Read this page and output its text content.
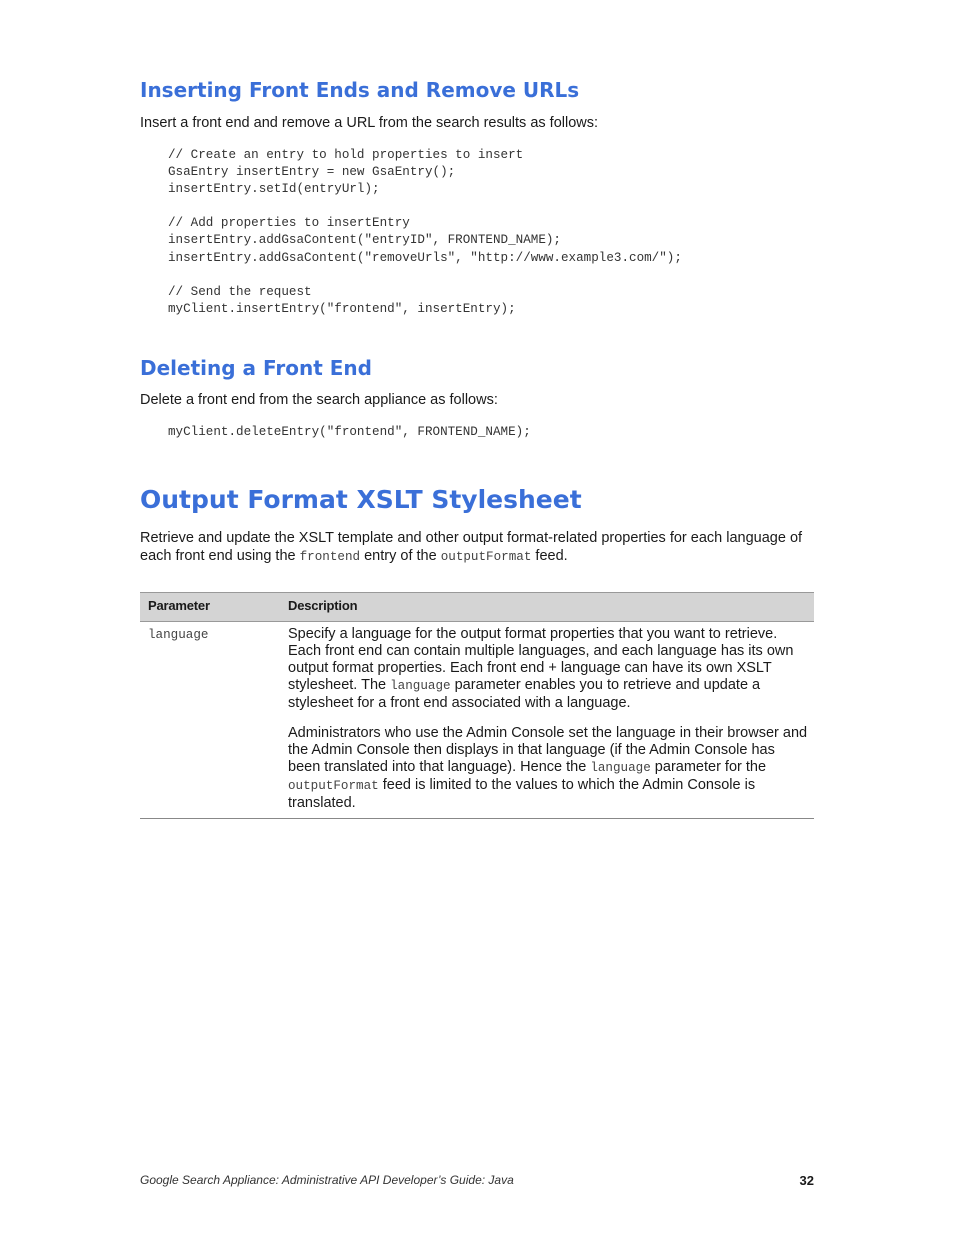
Inserting Front Ends and Remove URLs

Insert a front end and remove a URL from the search results as follows:

// Create an entry to hold properties to insert
GsaEntry insertEntry = new GsaEntry();
insertEntry.setId(entryUrl);

// Add properties to insertEntry
insertEntry.addGsaContent("entryID", FRONTEND_NAME);
insertEntry.addGsaContent("removeUrls", "http://www.example3.com/");

// Send the request
myClient.insertEntry("frontend", insertEntry);
Deleting a Front End

Delete a front end from the search appliance as follows:

myClient.deleteEntry("frontend", FRONTEND_NAME);
Output Format XSLT Stylesheet

Retrieve and update the XSLT template and other output format-related properties for each language of each front end using the frontend entry of the outputFormat feed.

Parameter	Description
language	Specify a language for the output format properties that you want to retrieve. Each front end can contain multiple languages, and each language has its own output format properties. Each front end + language can have its own XSLT stylesheet. The language parameter enables you to retrieve and update a stylesheet for a front end associated with a language.

Administrators who use the Admin Console set the language in their browser and the Admin Console then displays in that language (if the Admin Console has been translated into that language). Hence the language parameter for the outputFormat feed is limited to the values to which the Admin Console is translated.

Google Search Appliance: Administrative API Developer’s Guide: Java	32
